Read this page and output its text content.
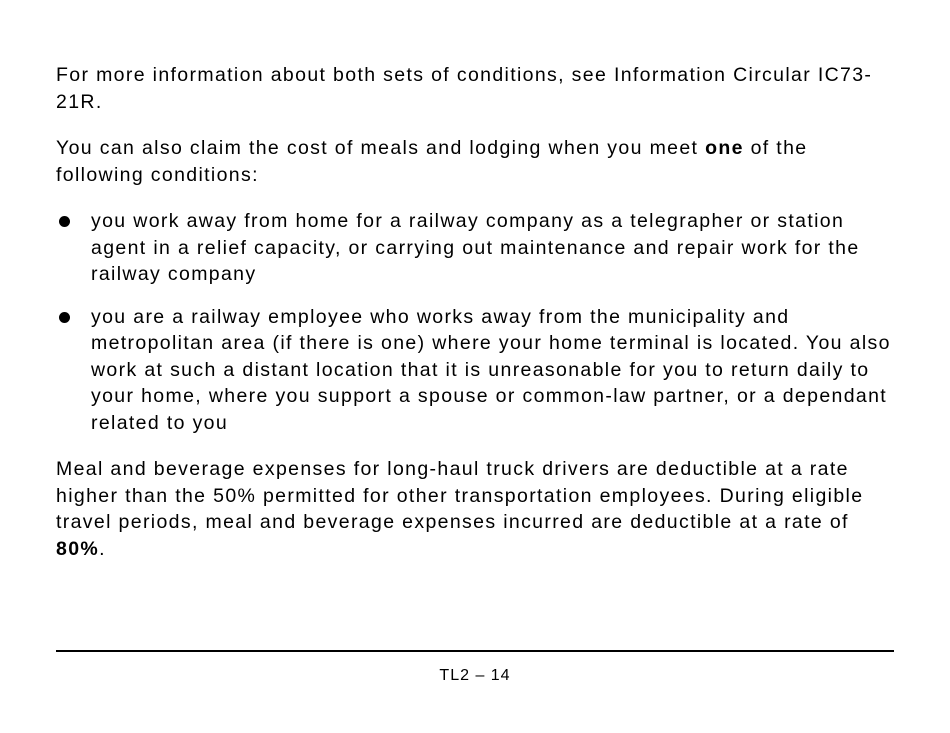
For more information about both sets of conditions, see Information Circular IC73-21R.

You can also claim the cost of meals and lodging when you meet one of the following conditions:

you work away from home for a railway company as a telegrapher or station agent in a relief capacity, or carrying out maintenance and repair work for the railway company
you are a railway employee who works away from the municipality and metropolitan area (if there is one) where your home terminal is located. You also work at such a distant location that it is unreasonable for you to return daily to your home, where you support a spouse or common-law partner, or a dependant related to you

Meal and beverage expenses for long-haul truck drivers are deductible at a rate higher than the 50% permitted for other transportation employees. During eligible travel periods, meal and beverage expenses incurred are deductible at a rate of 80%.

TL2 – 14
